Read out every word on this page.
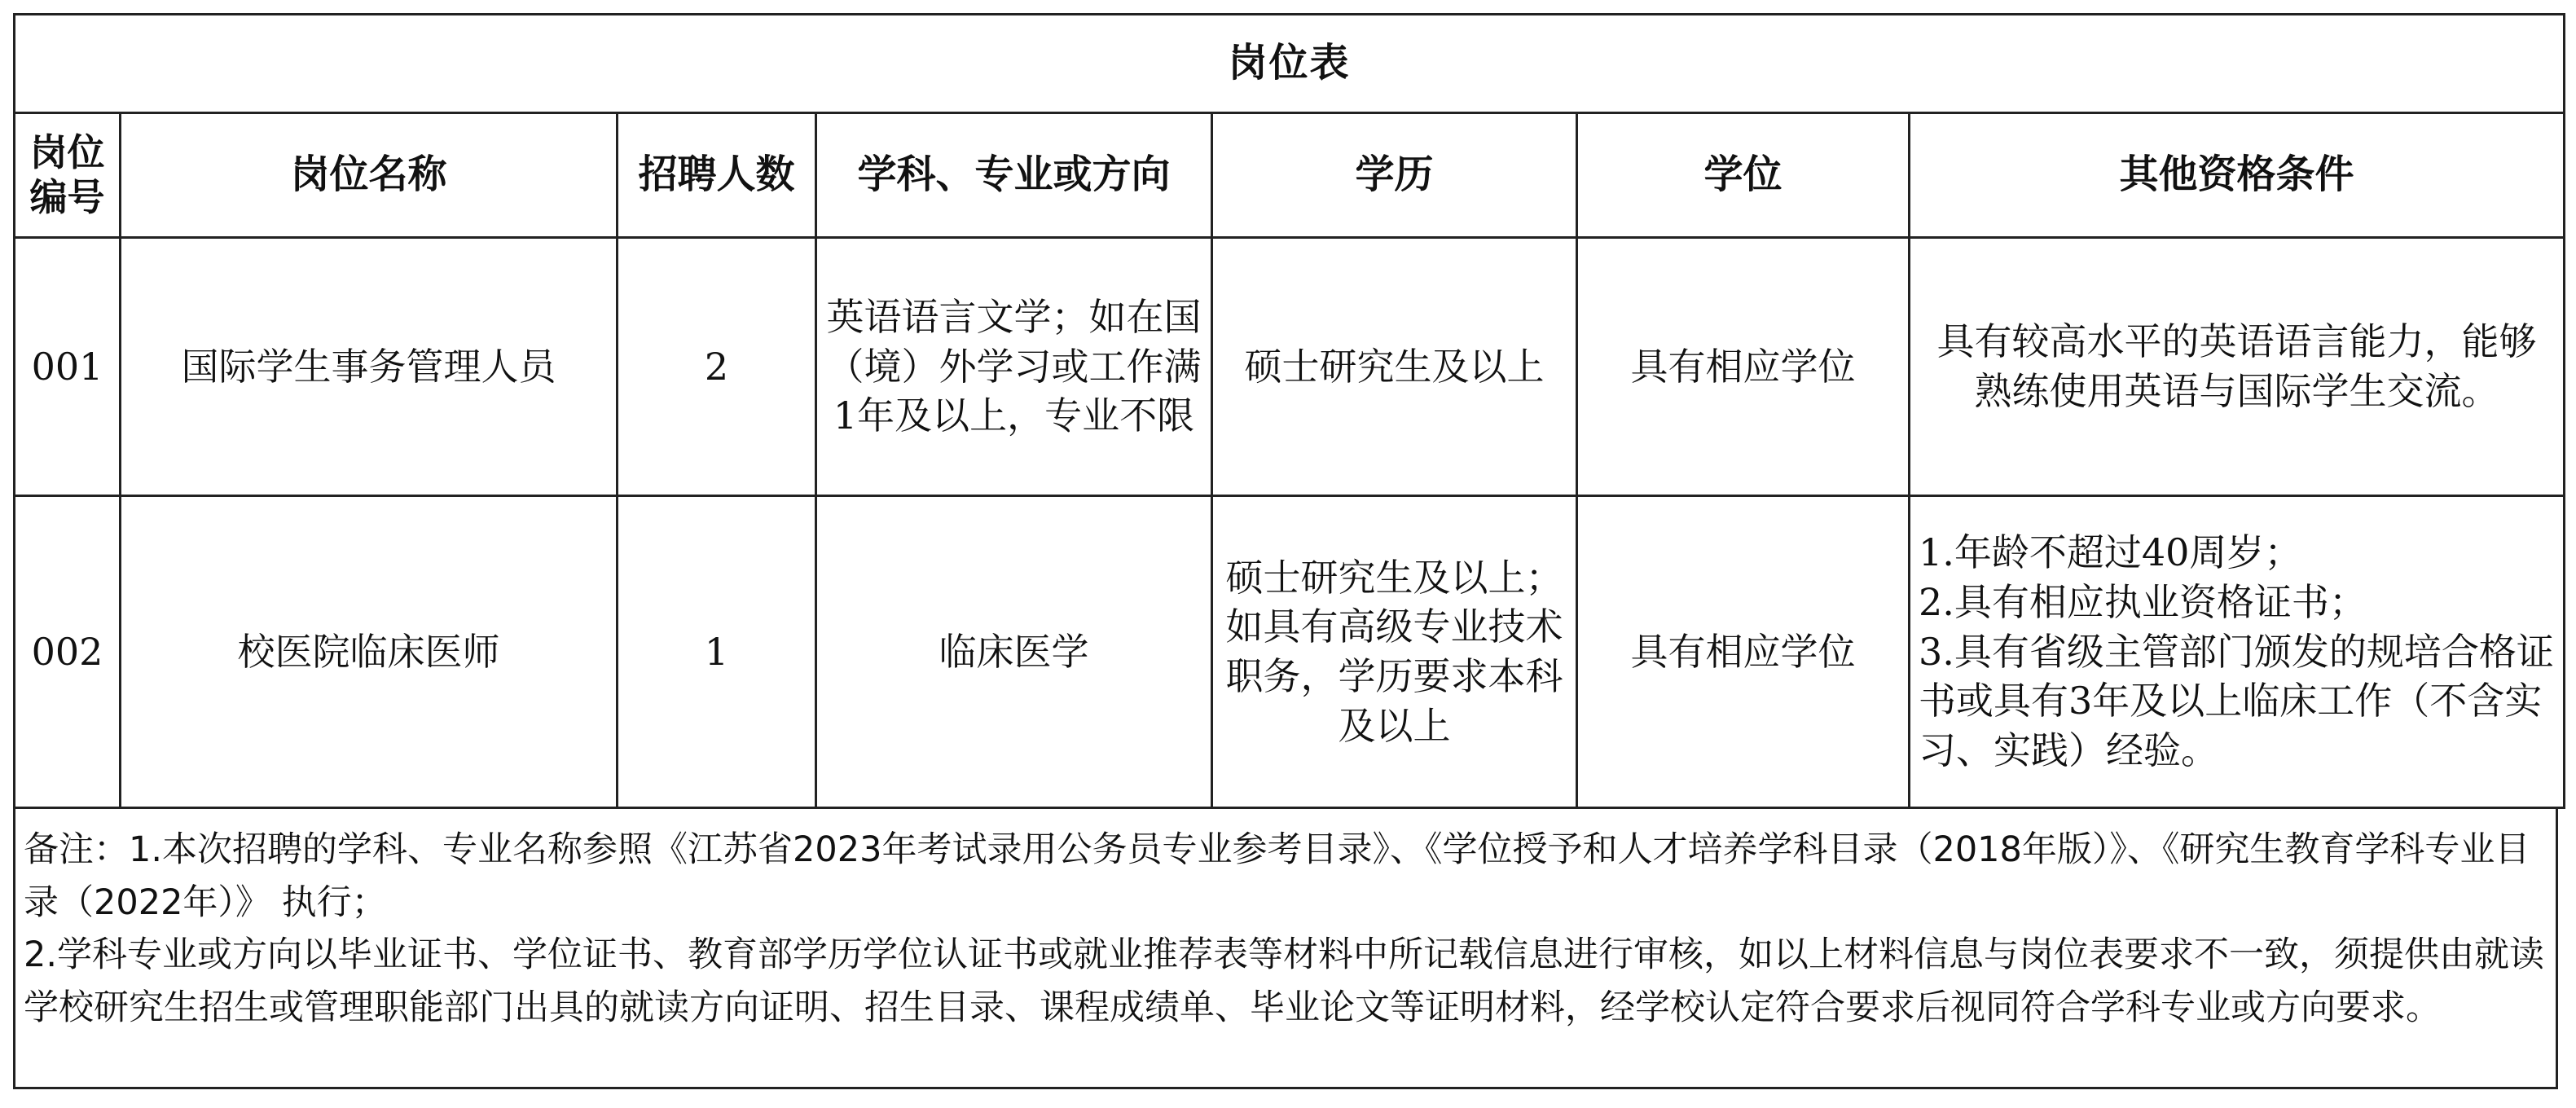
岗位表						
岗位编号	岗位名称	招聘人数	学科、专业或方向	学历	学位	其他资格条件
001	国际学生事务管理人员	2	英语语言文学；如在国（境）外学习或工作满1年及以上，专业不限	硕士研究生及以上	具有相应学位	具有较高水平的英语语言能力，能够熟练使用英语与国际学生交流。
002	校医院临床医师	1	临床医学	硕士研究生及以上；如具有高级专业技术职务，学历要求本科及以上	具有相应学位	1.年龄不超过40周岁；
2.具有相应执业资格证书；
3.具有省级主管部门颁发的规培合格证书或具有3年及以上临床工作（不含实习、实践）经验。
备注：1.本次招聘的学科、专业名称参照《江苏省2023年考试录用公务员专业参考目录》、《学位授予和人才培养学科目录（2018年版）》、《研究生教育学科专业目录（2022年）》 执行；
2.学科专业或方向以毕业证书、学位证书、教育部学历学位认证书或就业推荐表等材料中所记载信息进行审核，如以上材料信息与岗位表要求不一致，须提供由就读学校研究生招生或管理职能部门出具的就读方向证明、招生目录、课程成绩单、毕业论文等证明材料，经学校认定符合要求后视同符合学科专业或方向要求。
